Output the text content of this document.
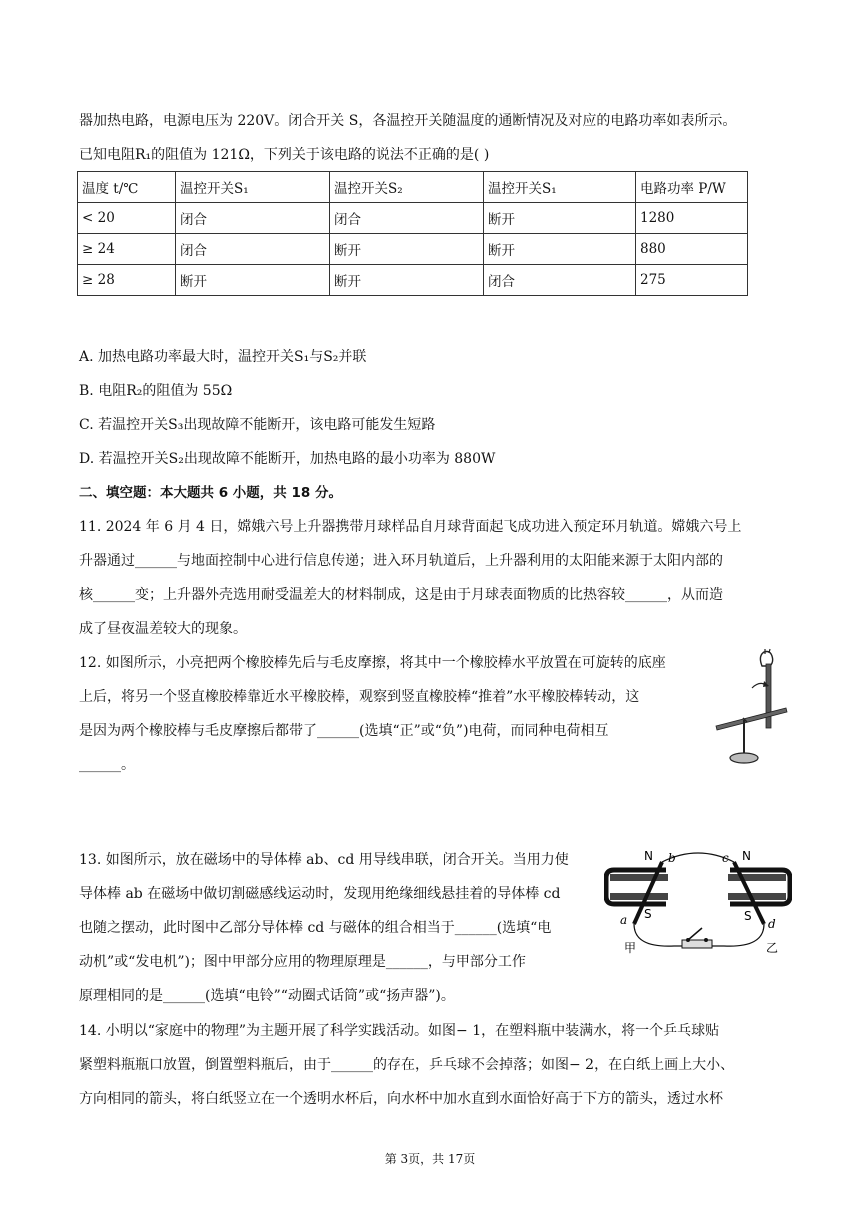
器加热电路，电源电压为 220V。闭合开关 S，各温控开关随温度的通断情况及对应的电路功率如表所示。
已知电阻R₁的阻值为 121Ω，下列关于该电路的说法不正确的是( )
温度 t/℃	温控开关S₁	温控开关S₂	温控开关S₁	电路功率 P/W
< 20	闭合	闭合	断开	1280
≥ 24	闭合	断开	断开	880
≥ 28	断开	断开	闭合	275
A. 加热电路功率最大时，温控开关S₁与S₂并联
B. 电阻R₂的阻值为 55Ω
C. 若温控开关S₃出现故障不能断开，该电路可能发生短路
D. 若温控开关S₂出现故障不能断开，加热电路的最小功率为 880W
二、填空题：本大题共 6 小题，共 18 分。
11. 2024 年 6 月 4 日，嫦娥六号上升器携带月球样品自月球背面起飞成功进入预定环月轨道。嫦娥六号上
升器通过______与地面控制中心进行信息传递；进入环月轨道后，上升器利用的太阳能来源于太阳内部的
核______变；上升器外壳选用耐受温差大的材料制成，这是由于月球表面物质的比热容较______，从而造
成了昼夜温差较大的现象。
12. 如图所示，小亮把两个橡胶棒先后与毛皮摩擦，将其中一个橡胶棒水平放置在可旋转的底座
上后，将另一个竖直橡胶棒靠近水平橡胶棒，观察到竖直橡胶棒“推着”水平橡胶棒转动，这
是因为两个橡胶棒与毛皮摩擦后都带了______(选填“正”或“负”)电荷，而同种电荷相互
______。
13. 如图所示，放在磁场中的导体棒 ab、cd 用导线串联，闭合开关。当用力使
导体棒 ab 在磁场中做切割磁感线运动时，发现用绝缘细线悬挂着的导体棒 cd
也随之摆动，此时图中乙部分导体棒 cd 与磁体的组合相当于______(选填“电
动机”或“发电机”)；图中甲部分应用的物理原理是______，与甲部分工作
原理相同的是______(选填“电铃”“动圈式话筒”或“扬声器”)。
N b	c N
a S	S
d
甲	乙
14. 小明以“家庭中的物理”为主题开展了科学实践活动。如图− 1，在塑料瓶中装满水，将一个乒乓球贴
紧塑料瓶瓶口放置，倒置塑料瓶后，由于______的存在，乒乓球不会掉落；如图− 2，在白纸上画上大小、
方向相同的箭头，将白纸竖立在一个透明水杯后，向水杯中加水直到水面恰好高于下方的箭头，透过水杯
第 3页，共 17页
